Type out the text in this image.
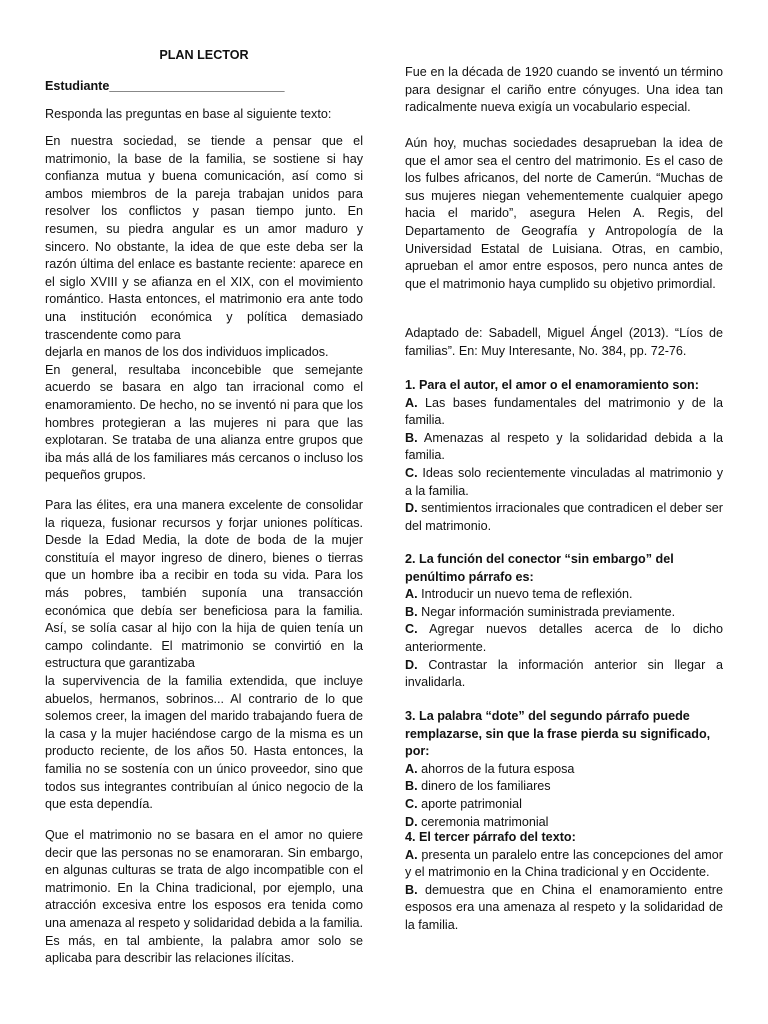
PLAN LECTOR
Estudiante_________________________
Responda las preguntas en base al siguiente texto:

En nuestra sociedad, se tiende a pensar que el matrimonio, la base de la familia, se sostiene si hay confianza mutua y buena comunicación, así como si ambos miembros de la pareja trabajan unidos para resolver los conflictos y pasan tiempo junto. En resumen, su piedra angular es un amor maduro y sincero. No obstante, la idea de que este deba ser la razón última del enlace es bastante reciente: aparece en el siglo XVIII y se afianza en el XIX, con el movimiento romántico. Hasta entonces, el matrimonio era ante todo una institución económica y política demasiado trascendente como para

dejarla en manos de los dos individuos implicados.

En general, resultaba inconcebible que semejante acuerdo se basara en algo tan irracional como el enamoramiento. De hecho, no se inventó ni para que los hombres protegieran a las mujeres ni para que las explotaran. Se trataba de una alianza entre grupos que iba más allá de los familiares más cercanos o incluso los pequeños grupos.

Para las élites, era una manera excelente de consolidar la riqueza, fusionar recursos y forjar uniones políticas. Desde la Edad Media, la dote de boda de la mujer constituía el mayor ingreso de dinero, bienes o tierras que un hombre iba a recibir en toda su vida. Para los más pobres, también suponía una transacción económica que debía ser beneficiosa para la familia. Así, se solía casar al hijo con la hija de quien tenía un campo colindante. El matrimonio se convirtió en la estructura que garantizaba

la supervivencia de la familia extendida, que incluye abuelos, hermanos, sobrinos... Al contrario de lo que solemos creer, la imagen del marido trabajando fuera de la casa y la mujer haciéndose cargo de la misma es un producto reciente, de los años 50. Hasta entonces, la familia no se sostenía con un único proveedor, sino que todos sus integrantes contribuían al único negocio de la que esta dependía.

Que el matrimonio no se basara en el amor no quiere decir que las personas no se enamoraran. Sin embargo, en algunas culturas se trata de algo incompatible con el matrimonio. En la China tradicional, por ejemplo, una atracción excesiva entre los esposos era tenida como una amenaza al respeto y solidaridad debida a la familia. Es más, en tal ambiente, la palabra amor solo se aplicaba para describir las relaciones ilícitas.

Fue en la década de 1920 cuando se inventó un término para designar el cariño entre cónyuges. Una idea tan radicalmente nueva exigía un vocabulario especial.

Aún hoy, muchas sociedades desaprueban la idea de que el amor sea el centro del matrimonio. Es el caso de los fulbes africanos, del norte de Camerún. “Muchas de sus mujeres niegan vehementemente cualquier apego hacia el marido”, asegura Helen A. Regis, del Departamento de Geografía y Antropología de la Universidad Estatal de Luisiana. Otras, en cambio, aprueban el amor entre esposos, pero nunca antes de que el matrimonio haya cumplido su objetivo primordial.

Adaptado de: Sabadell, Miguel Ángel (2013). “Líos de familias”. En: Muy Interesante, No. 384, pp. 72-76.

1. Para el autor, el amor o el enamoramiento son:

A. Las bases fundamentales del matrimonio y de la familia.

B. Amenazas al respeto y la solidaridad debida a la familia.

C. Ideas solo recientemente vinculadas al matrimonio y a la familia.

D. sentimientos irracionales que contradicen el deber ser del matrimonio.

2. La función del conector “sin embargo” del penúltimo párrafo es:

A. Introducir un nuevo tema de reflexión.

B. Negar información suministrada previamente.

C. Agregar nuevos detalles acerca de lo dicho anteriormente.

D. Contrastar la información anterior sin llegar a invalidarla.

3. La palabra “dote” del segundo párrafo puede remplazarse, sin que la frase pierda su significado, por:

A. ahorros de la futura esposa

B. dinero de los familiares

C. aporte patrimonial

D. ceremonia matrimonial

4. El tercer párrafo del texto:

A. presenta un paralelo entre las concepciones del amor y el matrimonio en la China tradicional y en Occidente.

B. demuestra que en China el enamoramiento entre esposos era una amenaza al respeto y la solidaridad de la familia.
